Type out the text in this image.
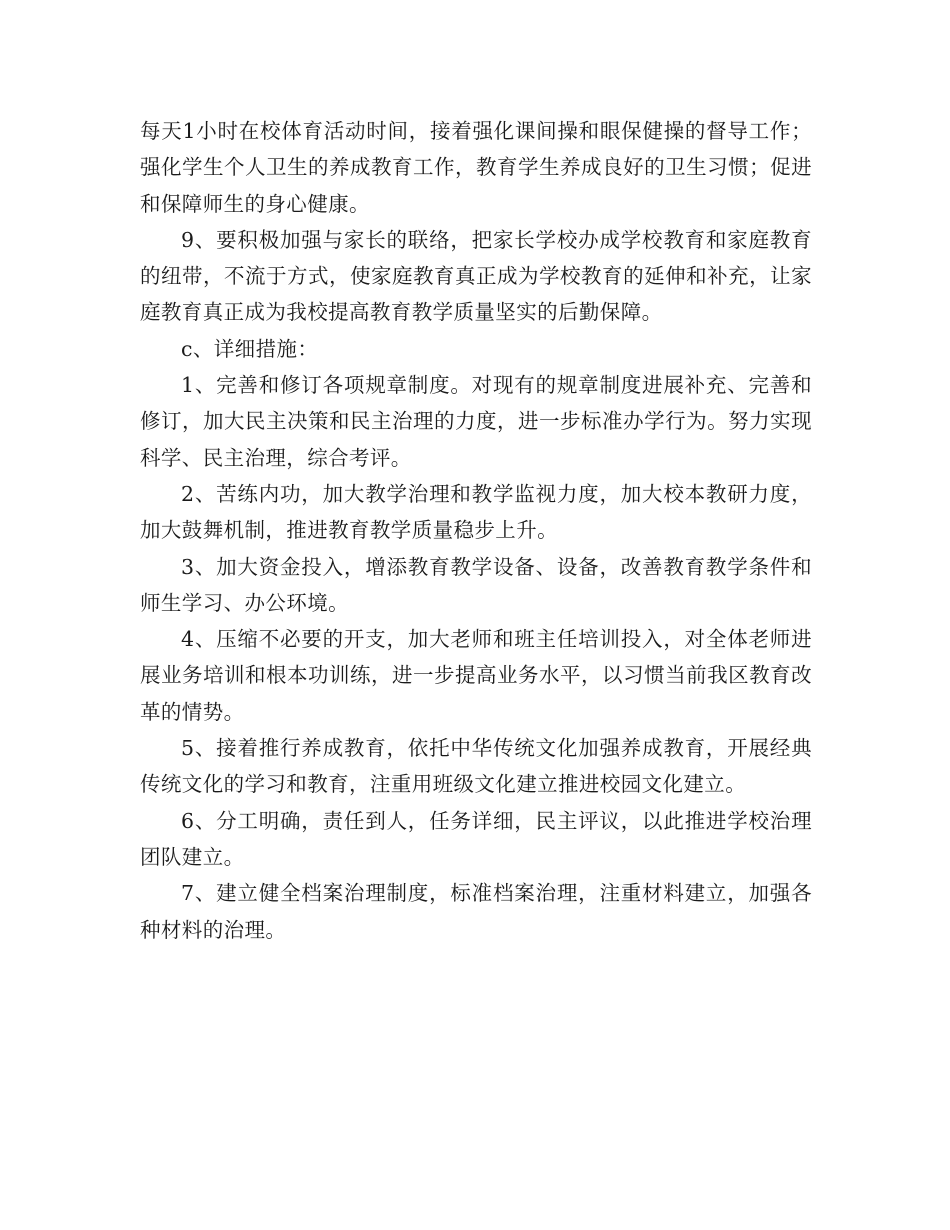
每天1小时在校体育活动时间，接着强化课间操和眼保健操的督导工作；强化学生个人卫生的养成教育工作，教育学生养成良好的卫生习惯；促进和保障师生的身心健康。

9、要积极加强与家长的联络，把家长学校办成学校教育和家庭教育的纽带，不流于方式，使家庭教育真正成为学校教育的延伸和补充，让家庭教育真正成为我校提高教育教学质量坚实的后勤保障。

c、详细措施：

1、完善和修订各项规章制度。对现有的规章制度进展补充、完善和修订，加大民主决策和民主治理的力度，进一步标准办学行为。努力实现科学、民主治理，综合考评。

2、苦练内功，加大教学治理和教学监视力度，加大校本教研力度，加大鼓舞机制，推进教育教学质量稳步上升。

3、加大资金投入，增添教育教学设备、设备，改善教育教学条件和师生学习、办公环境。

4、压缩不必要的开支，加大老师和班主任培训投入，对全体老师进展业务培训和根本功训练，进一步提高业务水平，以习惯当前我区教育改革的情势。

5、接着推行养成教育，依托中华传统文化加强养成教育，开展经典传统文化的学习和教育，注重用班级文化建立推进校园文化建立。

6、分工明确，责任到人，任务详细，民主评议，以此推进学校治理团队建立。

7、建立健全档案治理制度，标准档案治理，注重材料建立，加强各种材料的治理。
